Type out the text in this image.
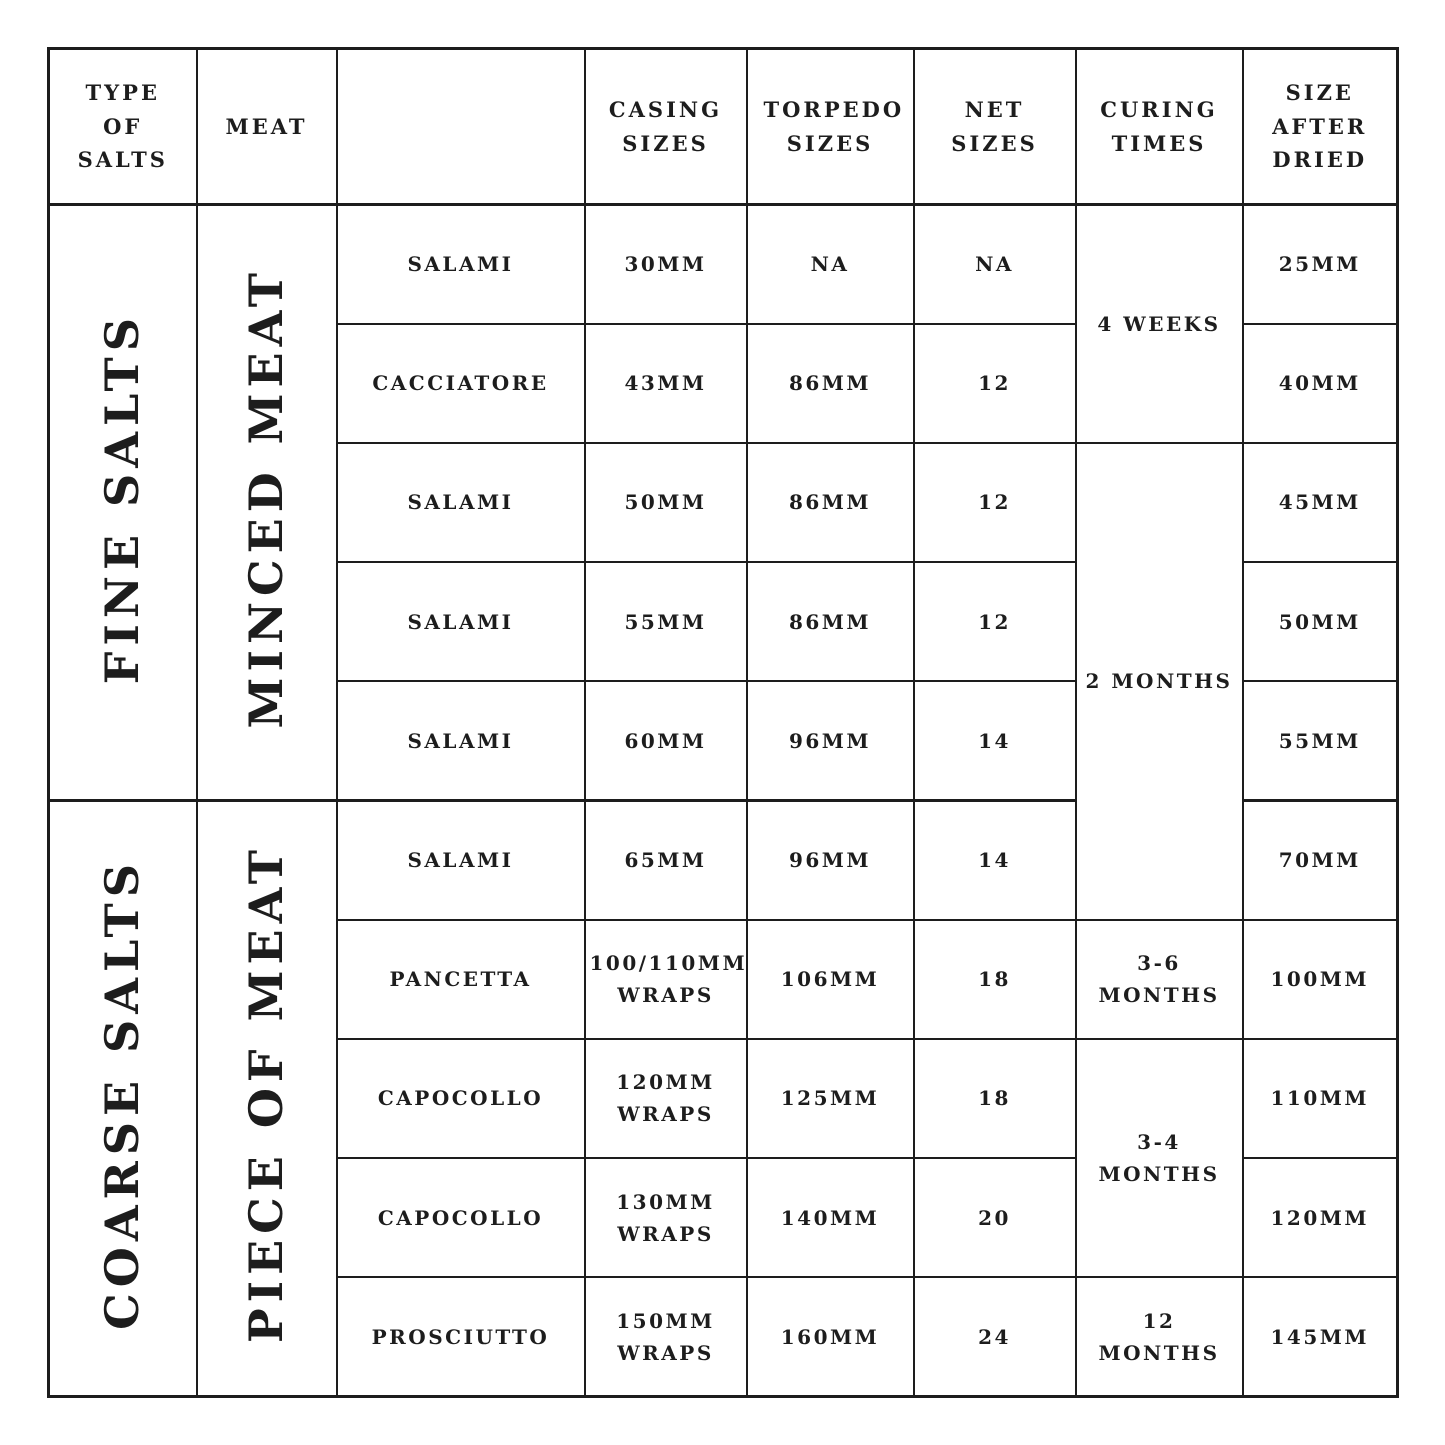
TYPE OF SALTS	MEAT		CASING SIZES	TORPEDO SIZES	NET SIZES	CURING TIMES	SIZE AFTER DRIED
FINE SALTS	MINCED MEAT	SALAMI	30MM	NA	NA	4 WEEKS	25MM
		CACCIATORE	43MM	86MM	12		40MM
		SALAMI	50MM	86MM	12	2 MONTHS	45MM
		SALAMI	55MM	86MM	12		50MM
		SALAMI	60MM	96MM	14		55MM
COARSE SALTS	PIECE OF MEAT	SALAMI	65MM	96MM	14		70MM
		PANCETTA	100/110MM WRAPS	106MM	18	3-6 MONTHS	100MM
		CAPOCOLLO	120MM WRAPS	125MM	18	3-4 MONTHS	110MM
		CAPOCOLLO	130MM WRAPS	140MM	20		120MM
		PROSCIUTTO	150MM WRAPS	160MM	24	12 MONTHS	145MM
